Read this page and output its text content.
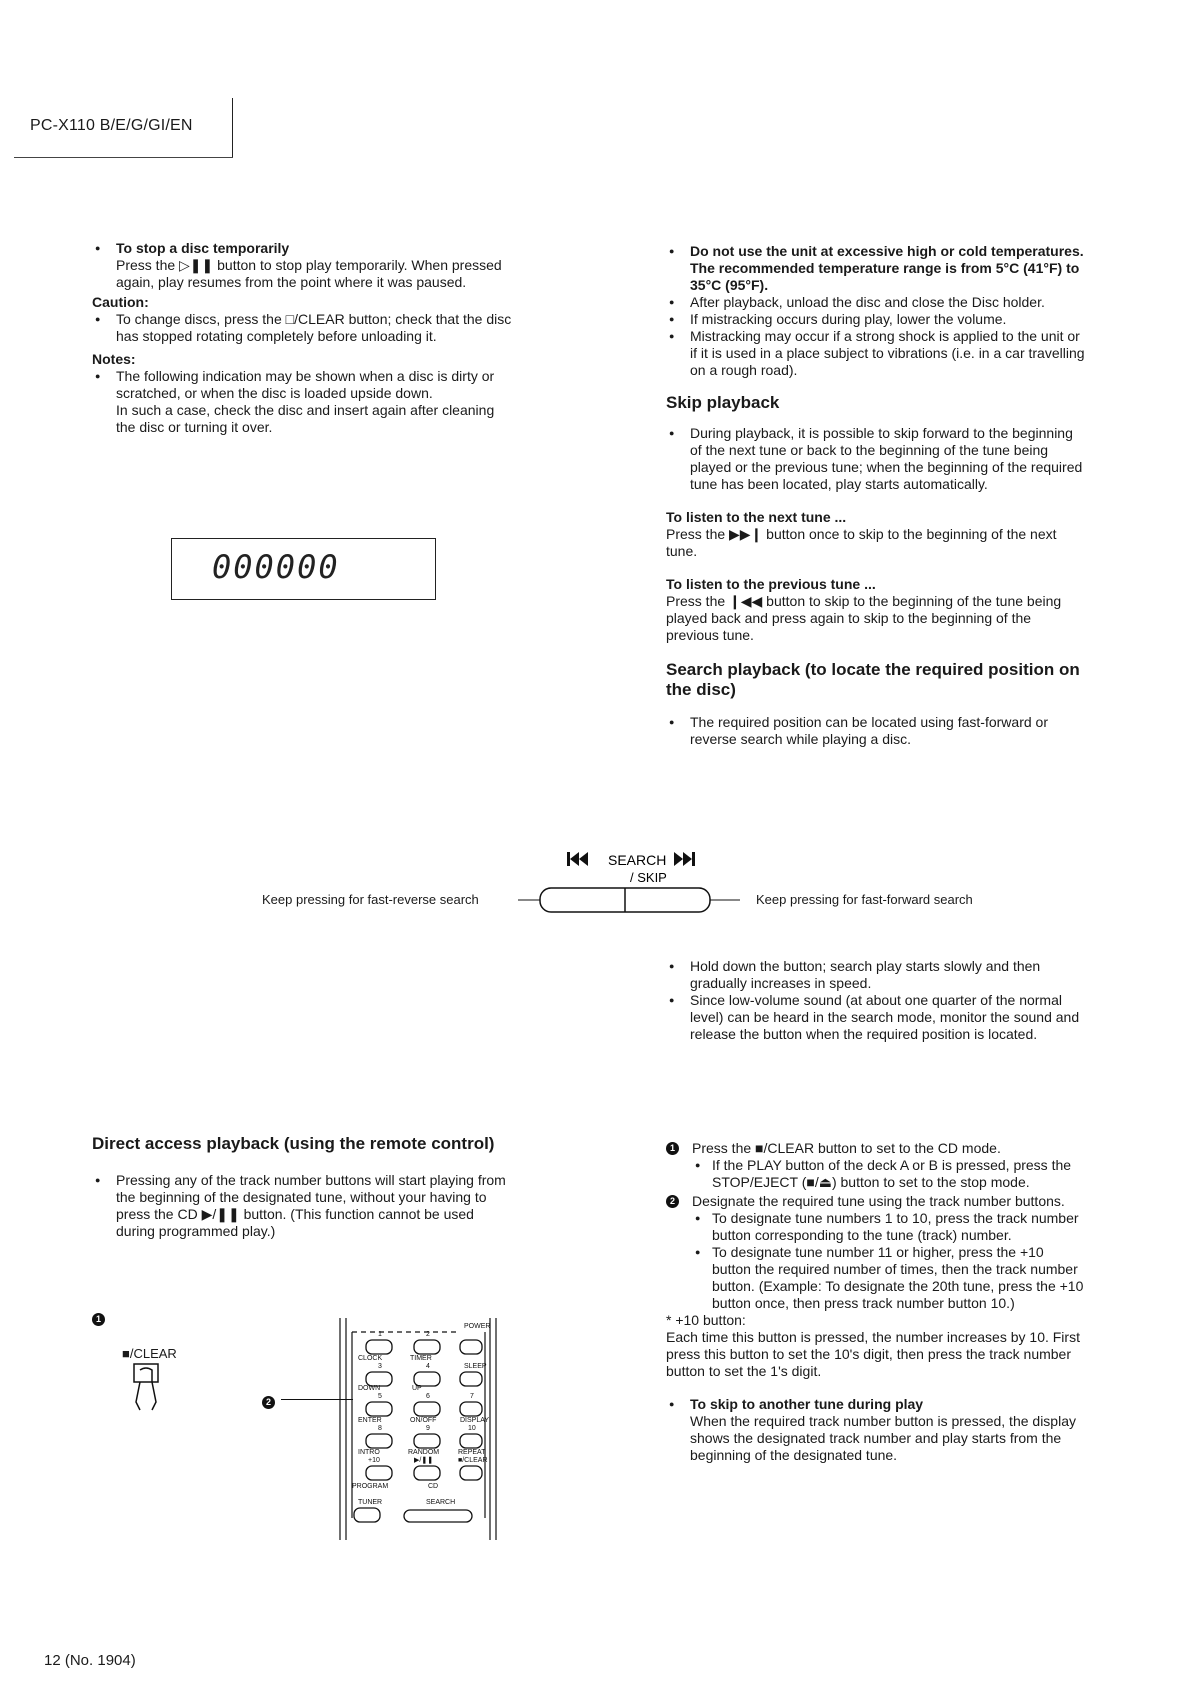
PC-X110 B/E/G/GI/EN
● To stop a disc temporarily
Press the ▷❚❚ button to stop play temporarily. When pressed again, play resumes from the point where it was paused.
Caution:
● To change discs, press the □/CLEAR button; check that the disc has stopped rotating completely before unloading it.
Notes:
● The following indication may be shown when a disc is dirty or scratched, or when the disc is loaded upside down.
In such a case, check the disc and insert again after cleaning the disc or turning it over.
000000
● Do not use the unit at excessive high or cold temperatures. The recommended temperature range is from 5°C (41°F) to 35°C (95°F).
● After playback, unload the disc and close the Disc holder.
● If mistracking occurs during play, lower the volume.
● Mistracking may occur if a strong shock is applied to the unit or if it is used in a place subject to vibrations (i.e. in a car travelling on a rough road).
Skip playback
● During playback, it is possible to skip forward to the beginning of the next tune or back to the beginning of the tune being played or the previous tune; when the beginning of the required tune has been located, play starts automatically.
To listen to the next tune ...
Press the ▶▶❙ button once to skip to the beginning of the next tune.
To listen to the previous tune ...
Press the ❙◀◀ button to skip to the beginning of the tune being played back and press again to skip to the beginning of the previous tune.
Search playback (to locate the required position on the disc)
● The required position can be located using fast-forward or reverse search while playing a disc.
SEARCH
/ SKIP
Keep pressing for fast-reverse search	Keep pressing for fast-forward search
● Hold down the button; search play starts slowly and then gradually increases in speed.
● Since low-volume sound (at about one quarter of the normal level) can be heard in the search mode, monitor the sound and release the button when the required position is located.
Direct access playback (using the remote control)
● Pressing any of the track number buttons will start playing from the beginning of the designated tune, without your having to press the CD ▶/❚❚ button. (This function cannot be used during programmed play.)
1
■/CLEAR
2
POWER
1	2
CLOCK	TIMER
3	4	SLEEP
DOWN	UP
5	6	7
ENTER	ON/OFF	DISPLAY
8	9	10
INTRO	RANDOM	REPEAT
+10	▶/❚❚	■/CLEAR
PROGRAM	CD
TUNER	SEARCH
1 Press the ■/CLEAR button to set to the CD mode.
● If the PLAY button of the deck A or B is pressed, press the STOP/EJECT (■/⏏) button to set to the stop mode.
2 Designate the required tune using the track number buttons.
● To designate tune numbers 1 to 10, press the track number button corresponding to the tune (track) number.
● To designate tune number 11 or higher, press the +10 button the required number of times, then the track number button. (Example: To designate the 20th tune, press the +10 button once, then press track number button 10.)
* +10 button:
Each time this button is pressed, the number increases by 10. First press this button to set the 10's digit, then press the track number button to set the 1's digit.
● To skip to another tune during play
When the required track number button is pressed, the display shows the designated track number and play starts from the beginning of the designated tune.
12 (No. 1904)
